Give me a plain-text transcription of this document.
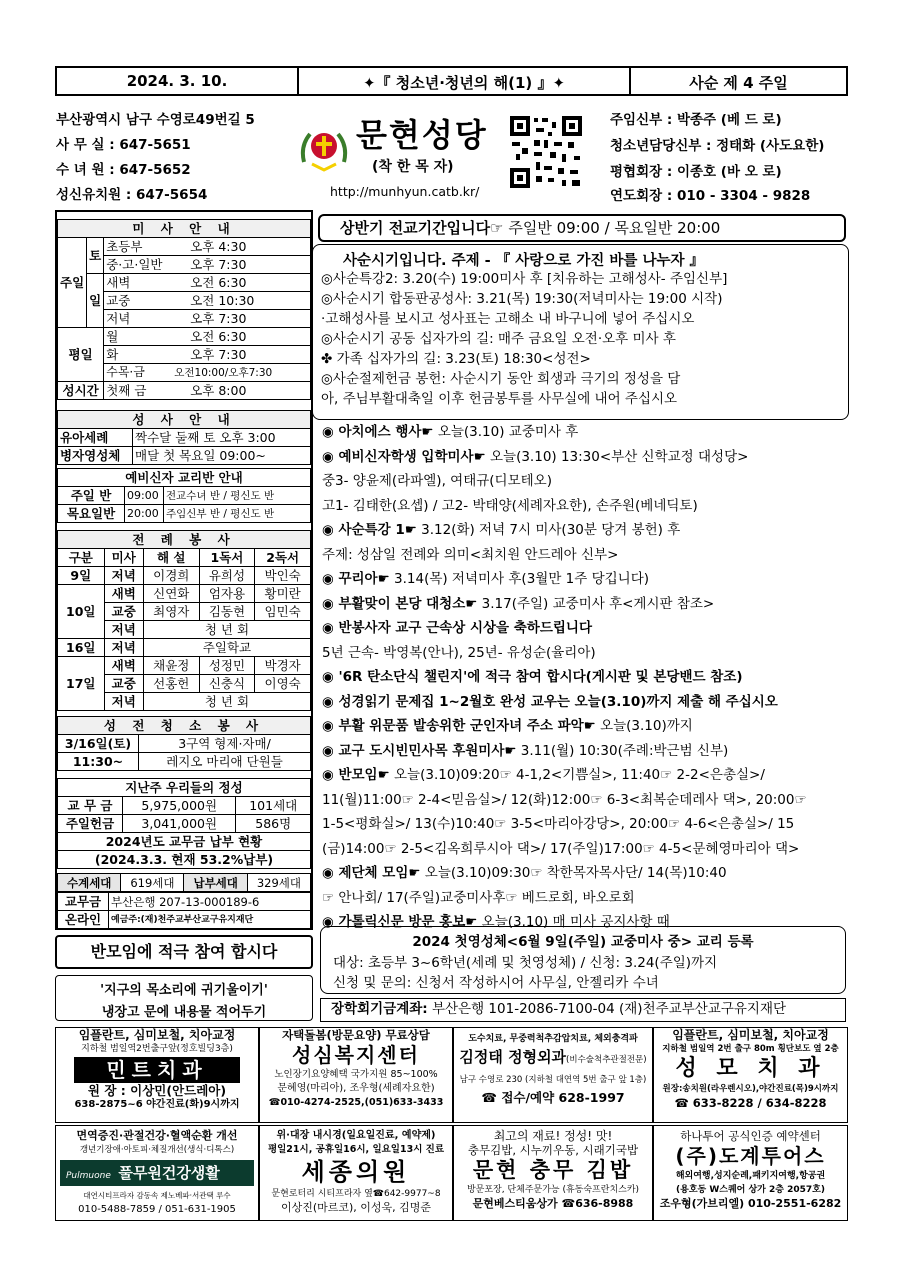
2024. 3. 10.	✦『 청소년·청년의 해(1) 』✦	사순 제 4 주일
부산광역시 남구 수영로49번길 5
사 무 실 : 647-5651
수 녀 원 : 647-5652
성신유치원 : 647-5654
문현성당
(착 한 목 자)
http://munhyun.catb.kr/
주임신부 : 박종주 (베 드 로)
청소년담당신부 : 정태화 (사도요한)
평협회장 : 이종호 (바 오 로)
연도회장 : 010 - 3304 - 9828
미 사 안 내		
주일	토	초등부 오후 4:30
		중·고·일반 오후 7:30
	일	새벽 오전 6:30
		교중 오전 10:30
		저녁 오후 7:30
평일		월 오전 6:30
		화 오후 7:30
		수목·금 오전10:00/오후7:30
성시간		첫째 금 오후 8:00
성 사 안 내	
유아세례	짝수달 둘째 토 오후 3:00
병자영성체	매달 첫 목요일 09:00~
예비신자 교리반 안내		
주일 반	09:00	전교수녀 반 / 평신도 반
목요일반	20:00	주임신부 반 / 평신도 반
전 례 봉 사				
구분	미사	해 설	1독서	2독서
9일	저녁	이경희	유희성	박인숙
10일	새벽	신연화	엄자용	황미란
	교중	최영자	김동현	임민숙
	저녁	청 년 회		
16일	저녁	주일학교		
17일	새벽	채윤정	성정민	박경자
	교중	선홍헌	신충식	이영숙
	저녁	청 년 회		
성 전 청 소 봉 사	
3/16일(토)	3구역 형제·자매/
11:30~	레지오 마리애 단원들
지난주 우리들의 정성		
교 무 금	5,975,000원	101세대
주일헌금	3,041,000원	586명
2024년도 교무금 납부 현황		
(2024.3.3. 현재 53.2%납부)		
수계세대	619세대	납부세대	329세대
교무금	부산은행 207-13-000189-6
온라인	예금주:(재)천주교부산교구유지재단
반모임에 적극 참여 합시다
'지구의 목소리에 귀기울이기'
냉장고 문에 내용물 적어두기
상반기 전교기간입니다☞ 주일반 09:00 / 목요일반 20:00
사순시기입니다. 주제 - 『 사랑으로 가진 바를 나누자 』
◎사순특강2: 3.20(수) 19:00미사 후 [치유하는 고해성사- 주임신부]
◎사순시기 합동판공성사: 3.21(목) 19:30(저녁미사는 19:00 시작)
·고해성사를 보시고 성사표는 고해소 내 바구니에 넣어 주십시오
◎사순시기 공동 십자가의 길: 매주 금요일 오전·오후 미사 후
✤ 가족 십자가의 길: 3.23(토) 18:30<성전>
◎사순절제헌금 봉헌: 사순시기 동안 희생과 극기의 정성을 담
아, 주님부활대축일 이후 헌금봉투를 사무실에 내어 주십시오
◉ 아치에스 행사☛ 오늘(3.10) 교중미사 후
◉ 예비신자학생 입학미사☛ 오늘(3.10) 13:30<부산 신학교정 대성당>
중3- 양윤제(라파엘), 여태규(디모테오)
고1- 김태한(요셉) / 고2- 박태양(세례자요한), 손주원(베네딕토)
◉ 사순특강 1☛ 3.12(화) 저녁 7시 미사(30분 당겨 봉헌) 후
주제: 성삼일 전례와 의미<최치원 안드레아 신부>
◉ 꾸리아☛ 3.14(목) 저녁미사 후(3월만 1주 당깁니다)
◉ 부활맞이 본당 대청소☛ 3.17(주일) 교중미사 후<게시판 참조>
◉ 반봉사자 교구 근속상 시상을 축하드립니다
5년 근속- 박영복(안나), 25년- 유성순(율리아)
◉ '6R 탄소단식 챌린지'에 적극 참여 합시다(게시판 및 본당밴드 참조)
◉ 성경읽기 문제집 1~2월호 완성 교우는 오늘(3.10)까지 제출 해 주십시오
◉ 부활 위문품 발송위한 군인자녀 주소 파악☛ 오늘(3.10)까지
◉ 교구 도시빈민사목 후원미사☛ 3.11(월) 10:30(주례:박근범 신부)
◉ 반모임☛ 오늘(3.10)09:20☞ 4-1,2<기쁨실>, 11:40☞ 2-2<은총실>/
11(월)11:00☞ 2-4<믿음실>/ 12(화)12:00☞ 6-3<최복순데레사 댁>, 20:00☞
1-5<평화실>/ 13(수)10:40☞ 3-5<마리아강당>, 20:00☞ 4-6<은총실>/ 15
(금)14:00☞ 2-5<김옥희루시아 댁>/ 17(주일)17:00☞ 4-5<문혜영마리아 댁>
◉ 제단체 모임☛ 오늘(3.10)09:30☞ 착한목자목사단/ 14(목)10:40
☞ 안나회/ 17(주일)교중미사후☞ 베드로회, 바오로회
◉ 가톨릭신문 방문 홍보☛ 오늘(3.10) 매 미사 공지사항 때
2024 첫영성체<6월 9일(주일) 교중미사 중> 교리 등록
대상: 초등부 3~6학년(세례 및 첫영성체) / 신청: 3.24(주일)까지
신청 및 문의: 신청서 작성하시어 사무실, 안젤리카 수녀
장학회기금계좌: 부산은행 101-2086-7100-04 (재)천주교부산교구유지재단
임플란트, 심미보철, 치아교정
지하철 범일역2번출구앞(정호빌딩3층)
민트치과
원 장 : 이상민(안드레아)
638-2875~6 야간진료(화)9시까지
자택돌봄(방문요양) 무료상담
성심복지센터
노인장기요양혜택 국가지원 85~100%
문혜영(마리아), 조우형(세례자요한)
☎010-4274-2525,(051)633-3433
도수치료, 무중력척추감압치료, 체외충격파
김정태 정형외과(비수술척추관절전문)
남구 수영로 230 (지하철 대연역 5번 출구 앞 1층)
☎ 접수/예약 628-1997
임플란트, 심미보철, 치아교정
지하철 범일역 2번 출구 80m 횡단보도 옆 2층
성 모 치 과
원장:송치원(라우렌시오),야간진료(목)9시까지
☎ 633-8228 / 634-8228
면역증진·관절건강·혈액순환 개선
갱년기장애·아토피·체질개선(생식·디톡스)
Pulmuone 풀무원건강생활
대연시티프라자 감동속 제노베파·서관택 루수
010-5488-7859 / 051-631-1905
위·대장 내시경(일요일진료, 예약제)
평일21시, 공휴일16시, 일요일13시 진료
세종의원
문현로터리 시티프라자 옆☎642-9977~8
이상진(마르코), 이성욱, 김명준
최고의 재료! 정성! 맛!
충무김밥, 시누끼우동, 시래기국밥
문현 충무 김밥
방문포장, 단체주문가능 (휴동숙프란치스카)
문현베스티움상가 ☎636-8988
하나투어 공식인증 예약센터
(주)도계투어스
해외여행,성지순례,패키지여행,항공권
(용호동 W스퀘어 상가 2층 2057호)
조우형(가브리엘) 010-2551-6282
